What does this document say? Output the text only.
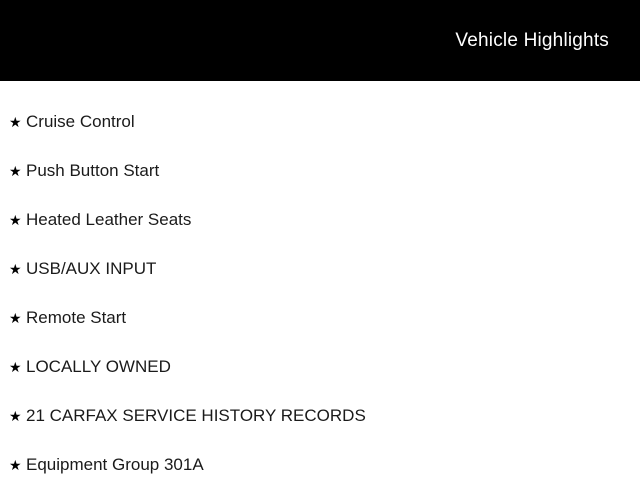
Vehicle Highlights
★ Cruise Control
★ Push Button Start
★ Heated Leather Seats
★ USB/AUX INPUT
★ Remote Start
★ LOCALLY OWNED
★ 21 CARFAX SERVICE HISTORY RECORDS
★ Equipment Group 301A
